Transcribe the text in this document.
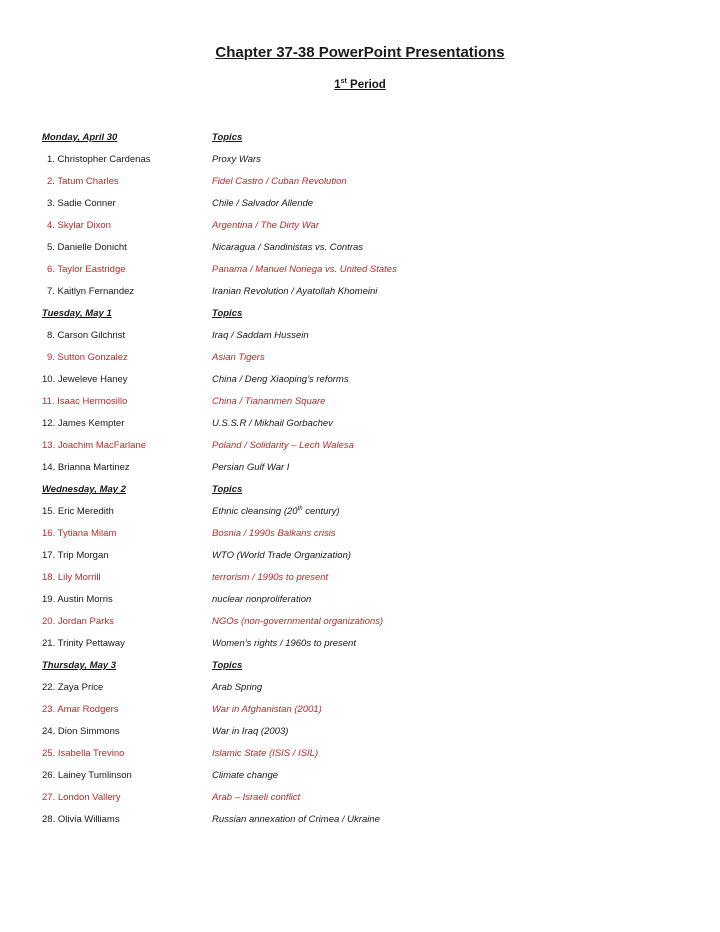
Chapter 37-38 PowerPoint Presentations
1st Period
Monday, April 30	Topics
1. Christopher Cardenas	Proxy Wars
2. Tatum Charles	Fidel Castro / Cuban Revolution
3. Sadie Conner	Chile / Salvador Allende
4. Skylar Dixon	Argentina / The Dirty War
5. Danielle Donicht	Nicaragua / Sandinistas vs. Contras
6. Taylor Eastridge	Panama / Manuel Noriega vs. United States
7. Kaitlyn Fernandez	Iranian Revolution / Ayatollah Khomeini
Tuesday, May 1	Topics
8. Carson Gilchrist	Iraq / Saddam Hussein
9. Sutton Gonzalez	Asian Tigers
10. Jeweleve Haney	China / Deng Xiaoping’s reforms
11. Isaac Hermosillo	China / Tiananmen Square
12. James Kempter	U.S.S.R / Mikhail Gorbachev
13. Joachim MacFarlane	Poland / Solidarity – Lech Walesa
14. Brianna Martinez	Persian Gulf War I
Wednesday, May 2	Topics
15. Eric Meredith	Ethnic cleansing (20th century)
16. Tytiana Milam	Bosnia / 1990s Balkans crisis
17. Trip Morgan	WTO (World Trade Organization)
18. Lily Morrill	terrorism / 1990s to present
19. Austin Morris	nuclear nonproliferation
20. Jordan Parks	NGOs (non-governmental organizations)
21. Trinity Pettaway	Women’s rights / 1960s to present
Thursday, May 3	Topics
22. Zaya Price	Arab Spring
23. Amar Rodgers	War in Afghanistan (2001)
24. Dion Simmons	War in Iraq (2003)
25. Isabella Trevino	Islamic State (ISIS / ISIL)
26. Lainey Tumlinson	Climate change
27. London Vallery	Arab – Israeli conflict
28. Olivia Williams	Russian annexation of Crimea / Ukraine
